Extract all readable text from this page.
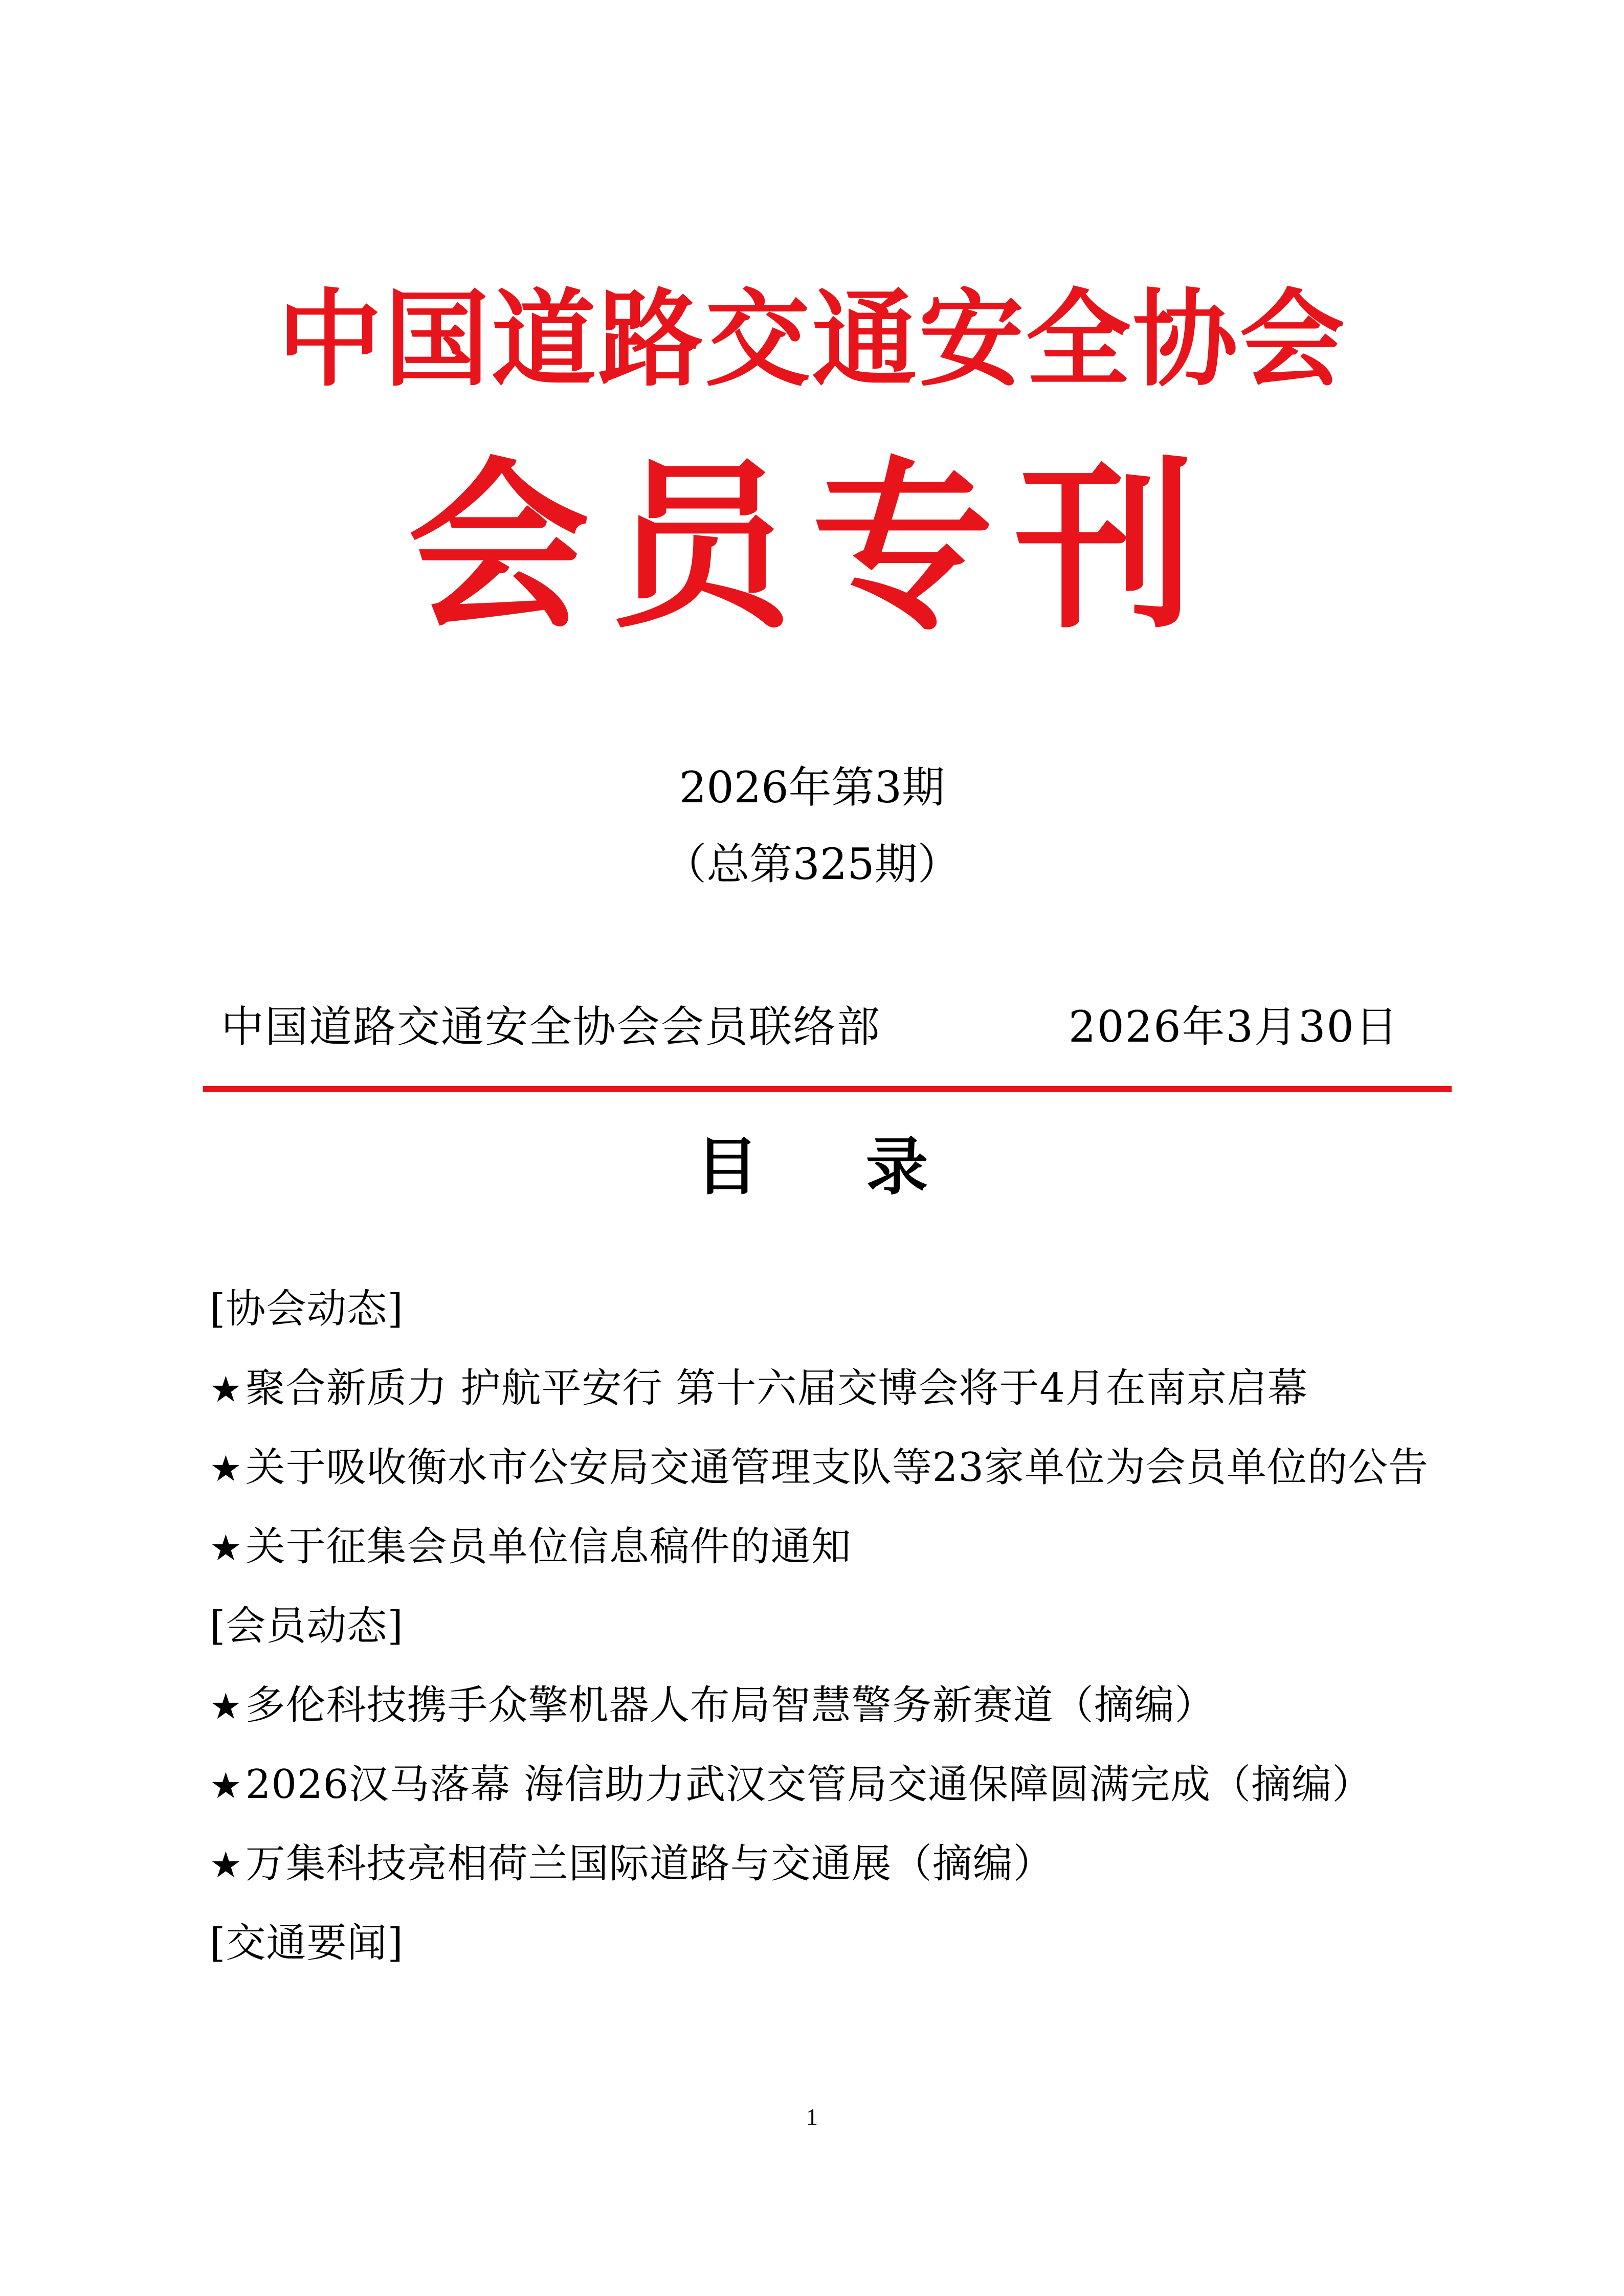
中国道路交通安全协会
会员专刊

2026年第3期

（总第325期）

中国道路交通安全协会会员联络部	2026年3月30日

目 录
[协会动态]
★聚合新质力 护航平安行 第十六届交博会将于4月在南京启幕
★关于吸收衡水市公安局交通管理支队等23家单位为会员单位的公告
★关于征集会员单位信息稿件的通知
[会员动态]
★多伦科技携手众擎机器人布局智慧警务新赛道（摘编）
★2026汉马落幕 海信助力武汉交管局交通保障圆满完成（摘编）
★万集科技亮相荷兰国际道路与交通展（摘编）
[交通要闻]

1
